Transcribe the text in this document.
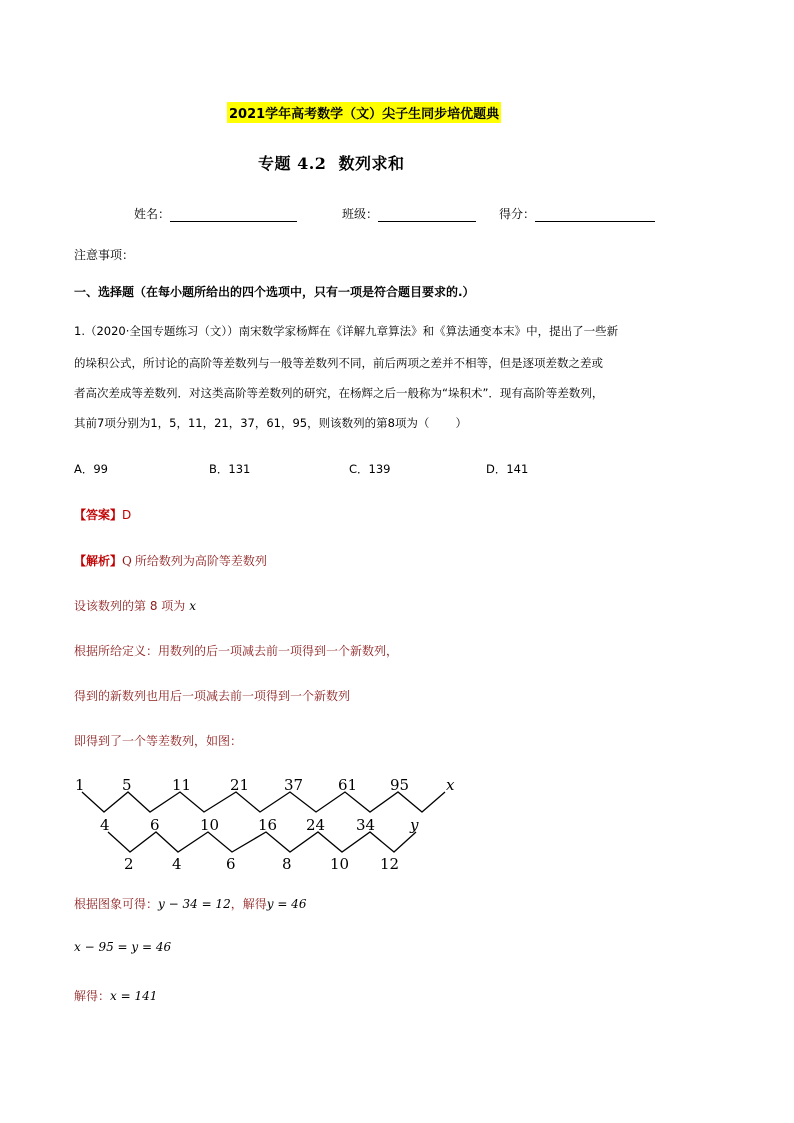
2021学年高考数学（文）尖子生同步培优题典
专题 4.2 数列求和
姓名：	班级：	得分：
注意事项：
一、选择题（在每小题所给出的四个选项中，只有一项是符合题目要求的.）
1.（2020·全国专题练习（文））南宋数学家杨辉在《详解九章算法》和《算法通变本末》中，提出了一些新
的垛积公式，所讨论的高阶等差数列与一般等差数列不同，前后两项之差并不相等，但是逐项差数之差或
者高次差成等差数列．对这类高阶等差数列的研究，在杨辉之后一般称为“垛积术”．现有高阶等差数列，
其前7项分别为1，5，11，21，37，61，95，则该数列的第8项为（ ）
A．99	B．131	C．139	D．141
【答案】D
【解析】Q 所给数列为高阶等差数列
设该数列的第 8 项为 x
根据所给定义：用数列的后一项减去前一项得到一个新数列，
得到的新数列也用后一项减去前一项得到一个新数列
即得到了一个等差数列，如图：
1 5	11	21 37 61 95 x
4	6	10	16 24 34 y
2	4	6	8	10 12
根据图象可得：y − 34 = 12，解得y = 46
x − 95 = y = 46
解得：x = 141
